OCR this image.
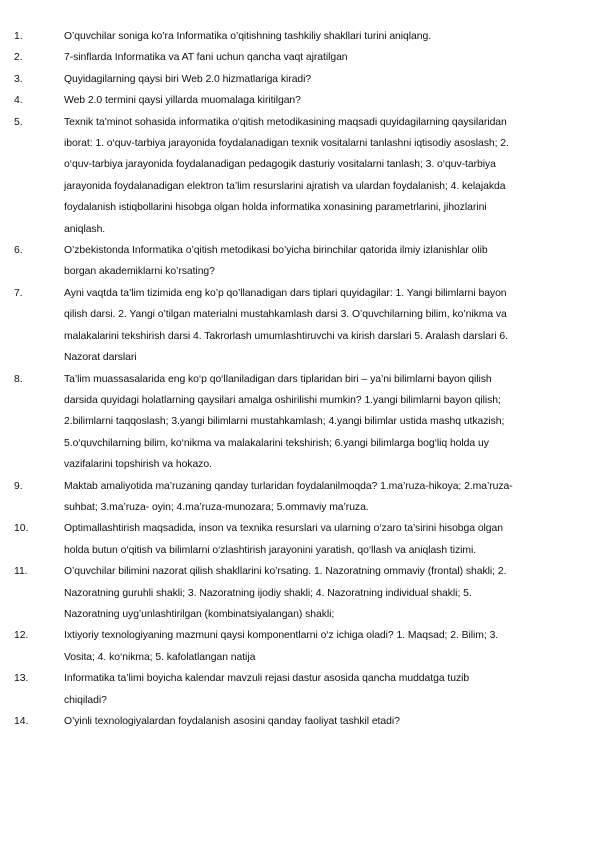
1.	O’quvchilar soniga ko’ra Informatika o’qitishning tashkiliy shakllari turini aniqlang.
2.	7-sinflarda Informatika va AT fani uchun qancha vaqt ajratilgan
3.	Quyidagilarning qaysi biri Web 2.0 hizmatlariga kiradi?
4.	Web 2.0 termini qaysi yillarda muomalaga kiritilgan?
5.	Texnik ta’minot sohasida informatika o‘qitish metodikasining maqsadi quyidagilarning qaysilaridan iborat: 1. o‘quv-tarbiya jarayonida foydalanadigan texnik vositalarni tanlashni iqtisodiy asoslash; 2. o‘quv-tarbiya jarayonida foydalanadigan pedagogik dasturiy vositalarni tanlash; 3. o‘quv-tarbiya jarayonida foydalanadigan elektron ta’lim resurslarini ajratish va ulardan foydalanish; 4. kelajakda foydalanish istiqbollarini hisobga olgan holda informatika xonasining parametrlarini, jihozlarini aniqlash.
6.	O’zbekistonda Informatika o’qitish metodikasi bo’yicha birinchilar qatorida ilmiy izlanishlar olib borgan akademiklarni ko’rsating?
7.	Ayni vaqtda ta’lim tizimida eng ko’p qo’llanadigan dars tiplari quyidagilar: 1. Yangi bilimlarni bayon qilish darsi. 2. Yangi o’tilgan materialni mustahkamlash darsi 3. O’quvchilarning bilim, ko’nikma va malakalarini tekshirish darsi 4. Takrorlash umumlashtiruvchi va kirish darslari 5. Aralash darslari 6. Nazorat darslari
8.	Ta’lim muassasalarida eng ko‘p qo‘llaniladigan dars tiplaridan biri – ya’ni bilimlarni bayon qilish darsida quyidagi holatlarning qaysilari amalga oshirilishi mumkin? 1.yangi bilimlarni bayon qilish; 2.bilimlarni taqqoslash; 3.yangi bilimlarni mustahkamlash; 4.yangi bilimlar ustida mashq utkazish; 5.o‘quvchilarning bilim, ko‘nikma va malakalarini tekshirish; 6.yangi bilimlarga bog‘liq holda uy vazifalarini topshirish va hokazo.
9.	Maktab amaliyotida ma’ruzaning qanday turlaridan foydalanilmoqda? 1.ma’ruza-hikoya; 2.ma’ruza- suhbat; 3.ma’ruza- oyin; 4.ma’ruza-munozara; 5.ommaviy ma’ruza.
10.	Optimallashtirish maqsadida, inson va texnika resurslari va ularning o‘zaro ta’sirini hisobga olgan holda butun o‘qitish va bilimlarni o‘zlashtirish jarayonini yaratish, qo‘llash va aniqlash tizimi.
11.	O’quvchilar bilimini nazorat qilish shakllarini ko’rsating. 1. Nazoratning ommaviy (frontal) shakli; 2. Nazoratning guruhli shakli; 3. Nazoratning ijodiy shakli; 4. Nazoratning individual shakli; 5. Nazoratning uyg’unlashtirilgan (kombinatsiyalangan) shakli;
12.	Ixtiyoriy texnologiyaning mazmuni qaysi komponentlarni o‘z ichiga oladi? 1. Maqsad; 2. Bilim; 3. Vosita; 4. ko‘nikma; 5. kafolatlangan natija
13.	Informatika ta’limi boyicha kalendar mavzuli rejasi dastur asosida qancha muddatga tuzib chiqiladi?
14.	O’yinli texnologiyalardan foydalanish asosini qanday faoliyat tashkil etadi?
